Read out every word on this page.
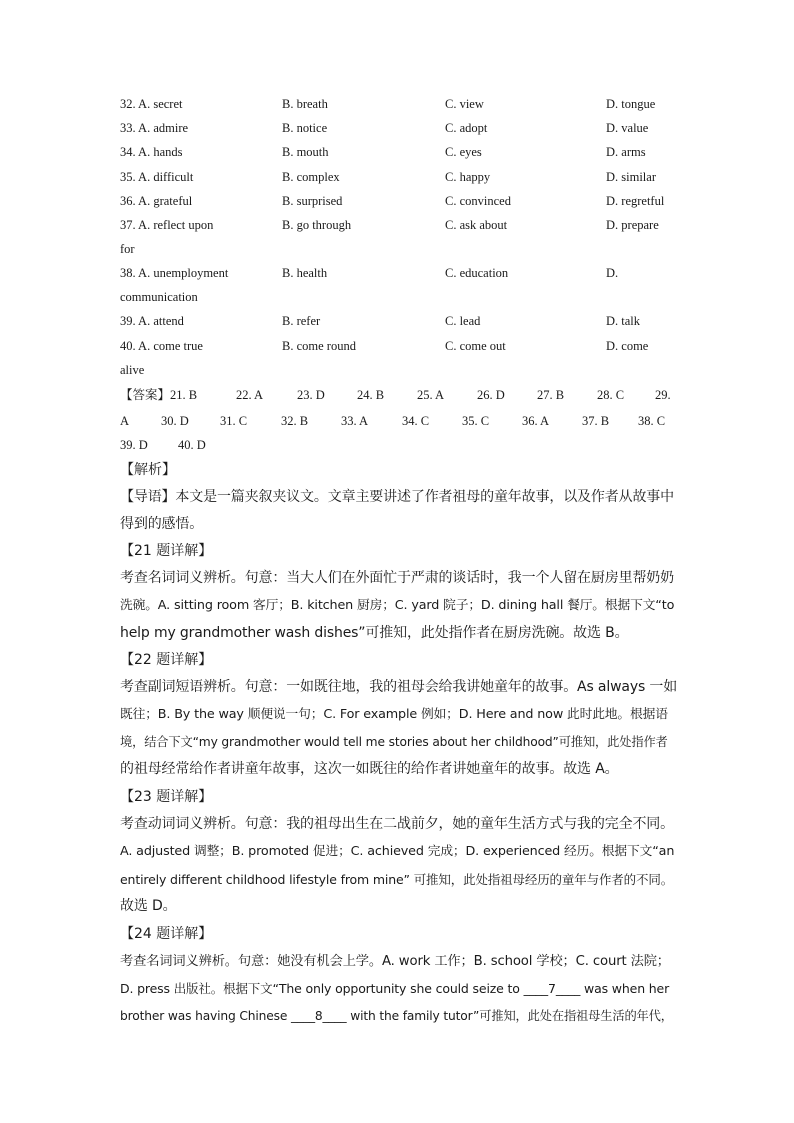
32. A. secret	B. breath	C. view	D. tongue
33. A. admire	B. notice	C. adopt	D. value
34. A. hands	B. mouth	C. eyes	D. arms
35. A. difficult	B. complex	C. happy	D. similar
36. A. grateful	B. surprised	C. convinced	D. regretful
37. A. reflect upon	B. go through	C. ask about	D. prepare
for
38. A. unemployment	B. health	C. education	D.
communication
39. A. attend	B. refer	C. lead	D. talk
40. A. come true	B. come round	C. come out	D. come
alive
【答案】21. B	22. A	23. D	24. B	25. A	26. D	27. B	28. C 29.
A	30. D 31. C	32. B	33. A	34. C	35. C	36. A	37. B 38. C
39. D 40. D
【解析】
【导语】本文是一篇夹叙夹议文。文章主要讲述了作者祖母的童年故事，以及作者从故事中
得到的感悟。
【21 题详解】
考查名词词义辨析。句意：当大人们在外面忙于严肃的谈话时，我一个人留在厨房里帮奶奶
洗碗。A. sitting room 客厅；B. kitchen 厨房；C. yard 院子；D. dining hall 餐厅。根据下文“to
help my grandmother wash dishes”可推知，此处指作者在厨房洗碗。故选 B。
【22 题详解】
考查副词短语辨析。句意：一如既往地，我的祖母会给我讲她童年的故事。As always 一如
既往；B. By the way 顺便说一句；C. For example 例如；D. Here and now 此时此地。根据语
境，结合下文“my grandmother would tell me stories about her childhood”可推知，此处指作者
的祖母经常给作者讲童年故事，这次一如既往的给作者讲她童年的故事。故选 A。
【23 题详解】
考查动词词义辨析。句意：我的祖母出生在二战前夕，她的童年生活方式与我的完全不同。
A. adjusted 调整；B. promoted 促进；C. achieved 完成；D. experienced 经历。根据下文“an
entirely different childhood lifestyle from mine” 可推知，此处指祖母经历的童年与作者的不同。
故选 D。
【24 题详解】
考查名词词义辨析。句意：她没有机会上学。A. work 工作；B. school 学校；C. court 法院；
D. press 出版社。根据下文“The only opportunity she could seize to ____7____ was when her
brother was having Chinese ____8____ with the family tutor”可推知，此处在指祖母生活的年代，
